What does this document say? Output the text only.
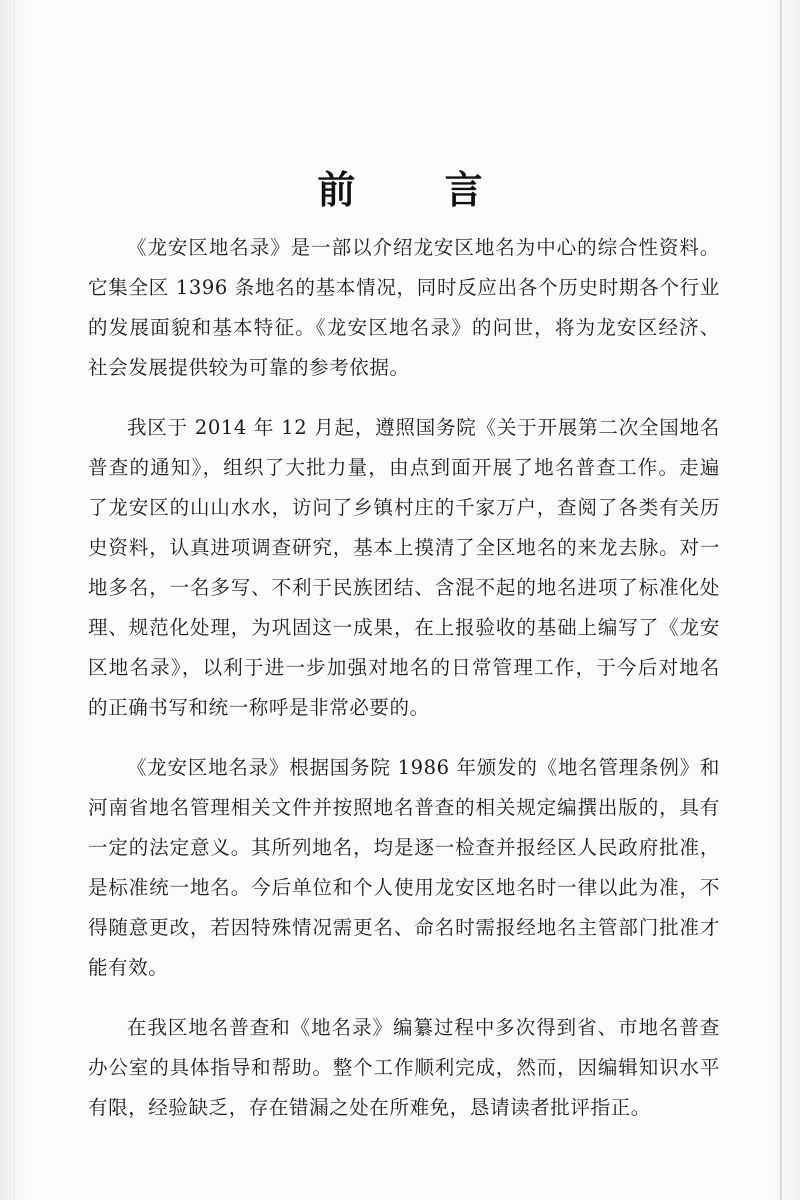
前 言

《龙安区地名录》是一部以介绍龙安区地名为中心的综合性资料。它集全区 1396 条地名的基本情况，同时反应出各个历史时期各个行业的发展面貌和基本特征。《龙安区地名录》的问世，将为龙安区经济、社会发展提供较为可靠的参考依据。

我区于 2014 年 12 月起，遵照国务院《关于开展第二次全国地名普查的通知》，组织了大批力量，由点到面开展了地名普查工作。走遍了龙安区的山山水水，访问了乡镇村庄的千家万户，查阅了各类有关历史资料，认真进项调查研究，基本上摸清了全区地名的来龙去脉。对一地多名，一名多写、不利于民族团结、含混不起的地名进项了标准化处理、规范化处理，为巩固这一成果，在上报验收的基础上编写了《龙安区地名录》，以利于进一步加强对地名的日常管理工作，于今后对地名的正确书写和统一称呼是非常必要的。

《龙安区地名录》根据国务院 1986 年颁发的《地名管理条例》和河南省地名管理相关文件并按照地名普查的相关规定编撰出版的，具有一定的法定意义。其所列地名，均是逐一检查并报经区人民政府批准，是标准统一地名。今后单位和个人使用龙安区地名时一律以此为准，不得随意更改，若因特殊情况需更名、命名时需报经地名主管部门批准才能有效。

在我区地名普查和《地名录》编纂过程中多次得到省、市地名普查办公室的具体指导和帮助。整个工作顺利完成，然而，因编辑知识水平有限，经验缺乏，存在错漏之处在所难免，恳请读者批评指正。
